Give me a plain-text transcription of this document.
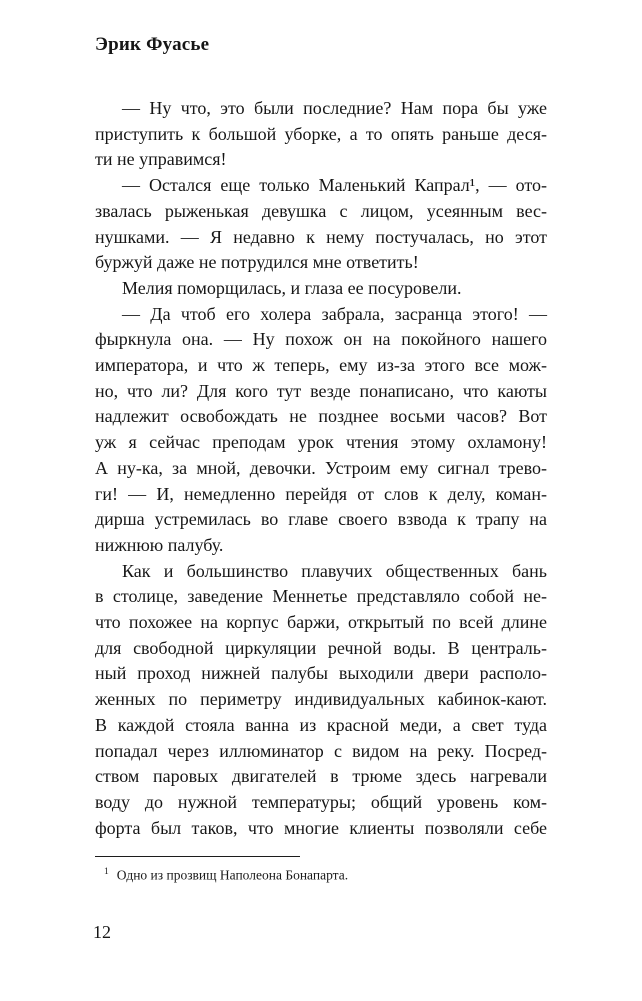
Эрик Фуасье
— Ну что, это были последние? Нам пора бы уже
приступить к большой уборке, а то опять раньше деся-
ти не управимся!
— Остался еще только Маленький Капрал¹, — ото-
звалась рыженькая девушка с лицом, усеянным вес-
нушками. — Я недавно к нему постучалась, но этот
буржуй даже не потрудился мне ответить!
Мелия поморщилась, и глаза ее посуровели.
— Да чтоб его холера забрала, засранца этого! —
фыркнула она. — Ну похож он на покойного нашего
императора, и что ж теперь, ему из-за этого все мож-
но, что ли? Для кого тут везде понаписано, что каюты
надлежит освобождать не позднее восьми часов? Вот
уж я сейчас преподам урок чтения этому охламону!
А ну-ка, за мной, девочки. Устроим ему сигнал трево-
ги! — И, немедленно перейдя от слов к делу, коман-
дирша устремилась во главе своего взвода к трапу на
нижнюю палубу.
Как и большинство плавучих общественных бань
в столице, заведение Меннетье представляло собой не-
что похожее на корпус баржи, открытый по всей длине
для свободной циркуляции речной воды. В централь-
ный проход нижней палубы выходили двери располо-
женных по периметру индивидуальных кабинок-кают.
В каждой стояла ванна из красной меди, а свет туда
попадал через иллюминатор с видом на реку. Посред-
ством паровых двигателей в трюме здесь нагревали
воду до нужной температуры; общий уровень ком-
форта был таков, что многие клиенты позволяли себе
$^1$ Одно из прозвищ Наполеона Бонапарта.
12
